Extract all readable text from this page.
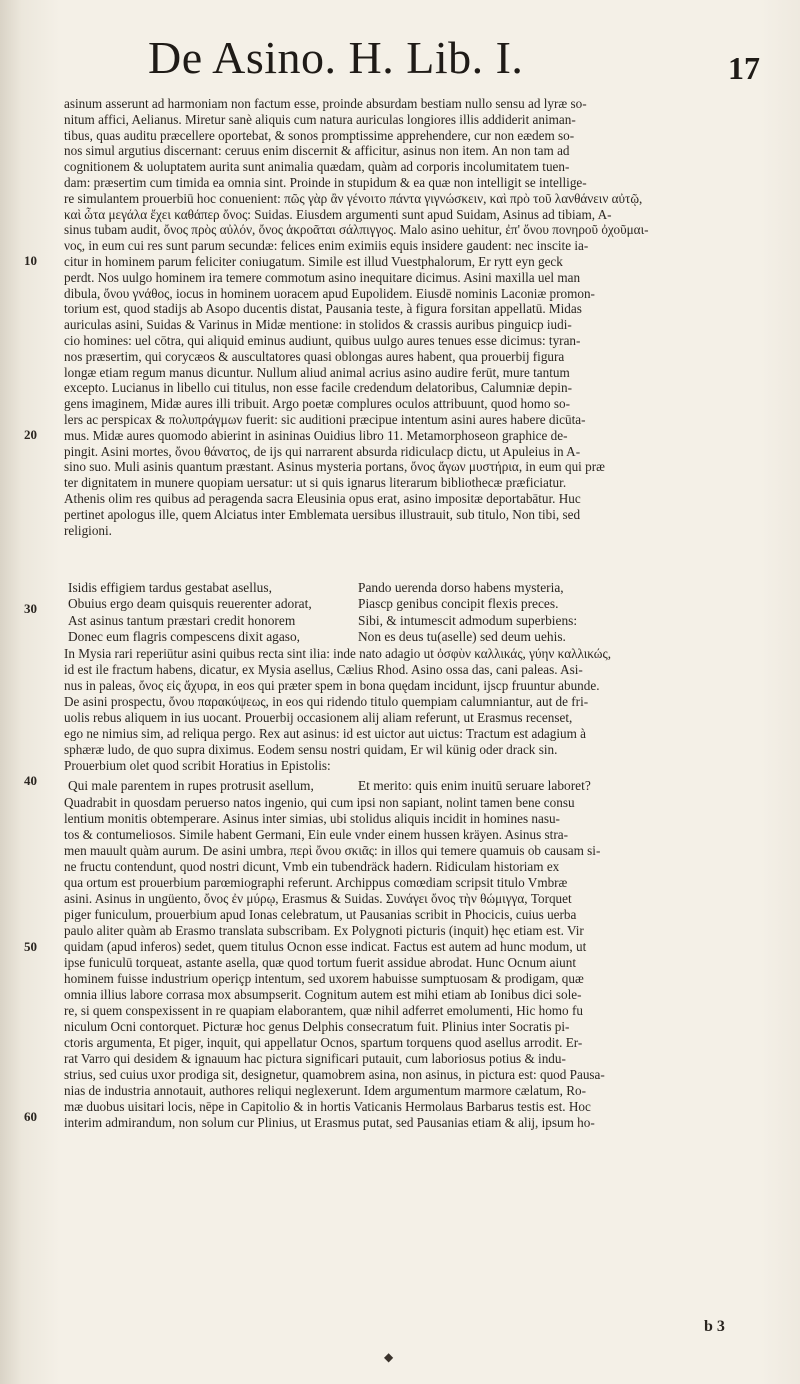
De Asino. H. Lib. I.	17
asinum asserunt ad harmoniam non factum esse, proinde absurdam bestiam nullo sensu ad lyræ so-
nitum affici, Aelianus. Miretur sanè aliquis cum natura auriculas longiores illis addiderit animan-
tibus, quas auditu præcellere oportebat, & sonos promptissime apprehendere, cur non eædem so-
nos simul argutius discernant: ceruus enim discernit & afficitur, asinus non item. An non tam ad
cognitionem & uoluptatem aurita sunt animalia quædam, quàm ad corporis incolumitatem tuen-
dam: præsertim cum timida ea omnia sint. Proinde in stupidum & ea quæ non intelligit se intellige-
re simulantem prouerbiū hoc conuenient: πῶς γὰρ ἂν γένοιτο πάντα γιγνώσκειν, καὶ πρὸ τοῦ λανθάνειν αὐτῷ,
καὶ ὦτα μεγάλα ἔχει καθάπερ ὄνος: Suidas. Eiusdem argumenti sunt apud Suidam, Asinus ad tibiam, A-
sinus tubam audit, ὄνος πρὸς αὐλόν, ὄνος ἀκροᾶται σάλπιγγος. Malo asino uehitur, ἐπ' ὄνου πονηροῦ ὀχοῦμαι-
νος, in eum cui res sunt parum secundæ: felices enim eximiis equis insidere gaudent: nec inscite ia-
citur in hominem parum feliciter coniugatum. Simile est illud Vuestphalorum, Er rytt eyn geck
perdt. Nos uulgo hominem ira temere commotum asino inequitare dicimus. Asini maxilla uel man
dibula, ὄνου γνάθος, iocus in hominem uoracem apud Eupolidem. Eiusdē nominis Laconiæ promon-
torium est, quod stadijs ab Asopo ducentis distat, Pausania teste, à figura forsitan appellatū. Midas
auriculas asini, Suidas & Varinus in Midæ mentione: in stolidos & crassis auribus pinguicp iudi-
cio homines: uel cōtra, qui aliquid eminus audiunt, quibus uulgo aures tenues esse dicimus: tyran-
nos præsertim, qui corycæos & auscultatores quasi oblongas aures habent, qua prouerbij figura
longæ etiam regum manus dicuntur. Nullum aliud animal acrius asino audire ferūt, mure tantum
excepto. Lucianus in libello cui titulus, non esse facile credendum delatoribus, Calumniæ depin-
gens imaginem, Midæ aures illi tribuit. Argo poetæ complures oculos attribuunt, quod homo so-
lers ac perspicax & πολυπράγμων fuerit: sic auditioni præcipue intentum asini aures habere dicūta-
mus. Midæ aures quomodo abierint in asininas Ouidius libro 11. Metamorphoseon graphice de-
pingit. Asini mortes, ὄνου θάνατος, de ijs qui narrarent absurda ridiculacp dictu, ut Apuleius in A-
sino suo. Muli asinis quantum præstant. Asinus mysteria portans, ὄνος ἄγων μυστήρια, in eum qui præ
ter dignitatem in munere quopiam uersatur: ut si quis ignarus literarum bibliothecæ præficiatur.
Athenis olim res quibus ad peragenda sacra Eleusinia opus erat, asino impositæ deportabātur. Huc
pertinet apologus ille, quem Alciatus inter Emblemata uersibus illustrauit, sub titulo, Non tibi, sed
religioni.
Isidis effigiem tardus gestabat asellus,	Pando uerenda dorso habens mysteria,
Obuius ergo deam quisquis reuerenter adorat,	Piascp genibus concipit flexis preces.
Ast asinus tantum præstari credit honorem	Sibi, & intumescit admodum superbiens:
Donec eum flagris compescens dixit agaso,	Non es deus tu(aselle) sed deum uehis.
In Mysia rari reperiūtur asini quibus recta sint ilia: inde nato adagio ut ὀσφὺν καλλικάς, γύην καλλικώς,
id est ile fractum habens, dicatur, ex Mysia asellus, Cælius Rhod. Asino ossa das, cani paleas. Asi-
nus in paleas, ὄνος εἰς ἄχυρα, in eos qui præter spem in bona quędam incidunt, ijscp fruuntur abunde.
De asini prospectu, ὄνου παρακύψεως, in eos qui ridendo titulo quempiam calumniantur, aut de fri-
uolis rebus aliquem in ius uocant. Prouerbij occasionem alij aliam referunt, ut Erasmus recenset,
ego ne nimius sim, ad reliqua pergo. Rex aut asinus: id est uictor aut uictus: Tractum est adagium à
sphæræ ludo, de quo supra diximus. Eodem sensu nostri quidam, Er wil künig oder drack sin.
Prouerbium olet quod scribit Horatius in Epistolis:
Qui male parentem in rupes protrusit asellum,	Et merito: quis enim inuitū seruare laboret?
Quadrabit in quosdam peruerso natos ingenio, qui cum ipsi non sapiant, nolint tamen bene consu
lentium monitis obtemperare. Asinus inter simias, ubi stolidus aliquis incidit in homines nasu-
tos & contumeliosos. Simile habent Germani, Ein eule vnder einem hussen kräyen. Asinus stra-
men mauult quàm aurum. De asini umbra, περὶ ὄνου σκιᾶς: in illos qui temere quamuis ob causam si-
ne fructu contendunt, quod nostri dicunt, Vmb ein tubendräck hadern. Ridiculam historiam ex
qua ortum est prouerbium parœmiographi referunt. Archippus comœdiam scripsit titulo Vmbræ
asini. Asinus in ungüento, ὄνος ἐν μύρῳ, Erasmus & Suidas. Συνάγει ὄνος τὴν θώμιγγα, Torquet
piger funiculum, prouerbium apud Ionas celebratum, ut Pausanias scribit in Phocicis, cuius uerba
paulo aliter quàm ab Erasmo translata subscribam. Ex Polygnoti picturis (inquit) hęc etiam est. Vir
quidam (apud inferos) sedet, quem titulus Ocnon esse indicat. Factus est autem ad hunc modum, ut
ipse funiculū torqueat, astante asella, quæ quod tortum fuerit assidue abrodat. Hunc Ocnum aiunt
hominem fuisse industrium operiçp intentum, sed uxorem habuisse sumptuosam & prodigam, quæ
omnia illius labore corrasa mox absumpserit. Cognitum autem est mihi etiam ab Ionibus dici sole-
re, si quem conspexissent in re quapiam elaborantem, quæ nihil adferret emolumenti, Hic homo fu
niculum Ocni contorquet. Picturæ hoc genus Delphis consecratum fuit. Plinius inter Socratis pi-
ctoris argumenta, Et piger, inquit, qui appellatur Ocnos, spartum torquens quod asellus arrodit. Er-
rat Varro qui desidem & ignauum hac pictura significari putauit, cum laboriosus potius & indu-
strius, sed cuius uxor prodiga sit, designetur, quamobrem asina, non asinus, in pictura est: quod Pausa-
nias de industria annotauit, authores reliqui neglexerunt. Idem argumentum marmore cælatum, Ro-
mæ duobus uisitari locis, nēpe in Capitolio & in hortis Vaticanis Hermolaus Barbarus testis est. Hoc
interim admirandum, non solum cur Plinius, ut Erasmus putat, sed Pausanias etiam & alij, ipsum ho-
10
20
30
40
50
60
b 3
◆
